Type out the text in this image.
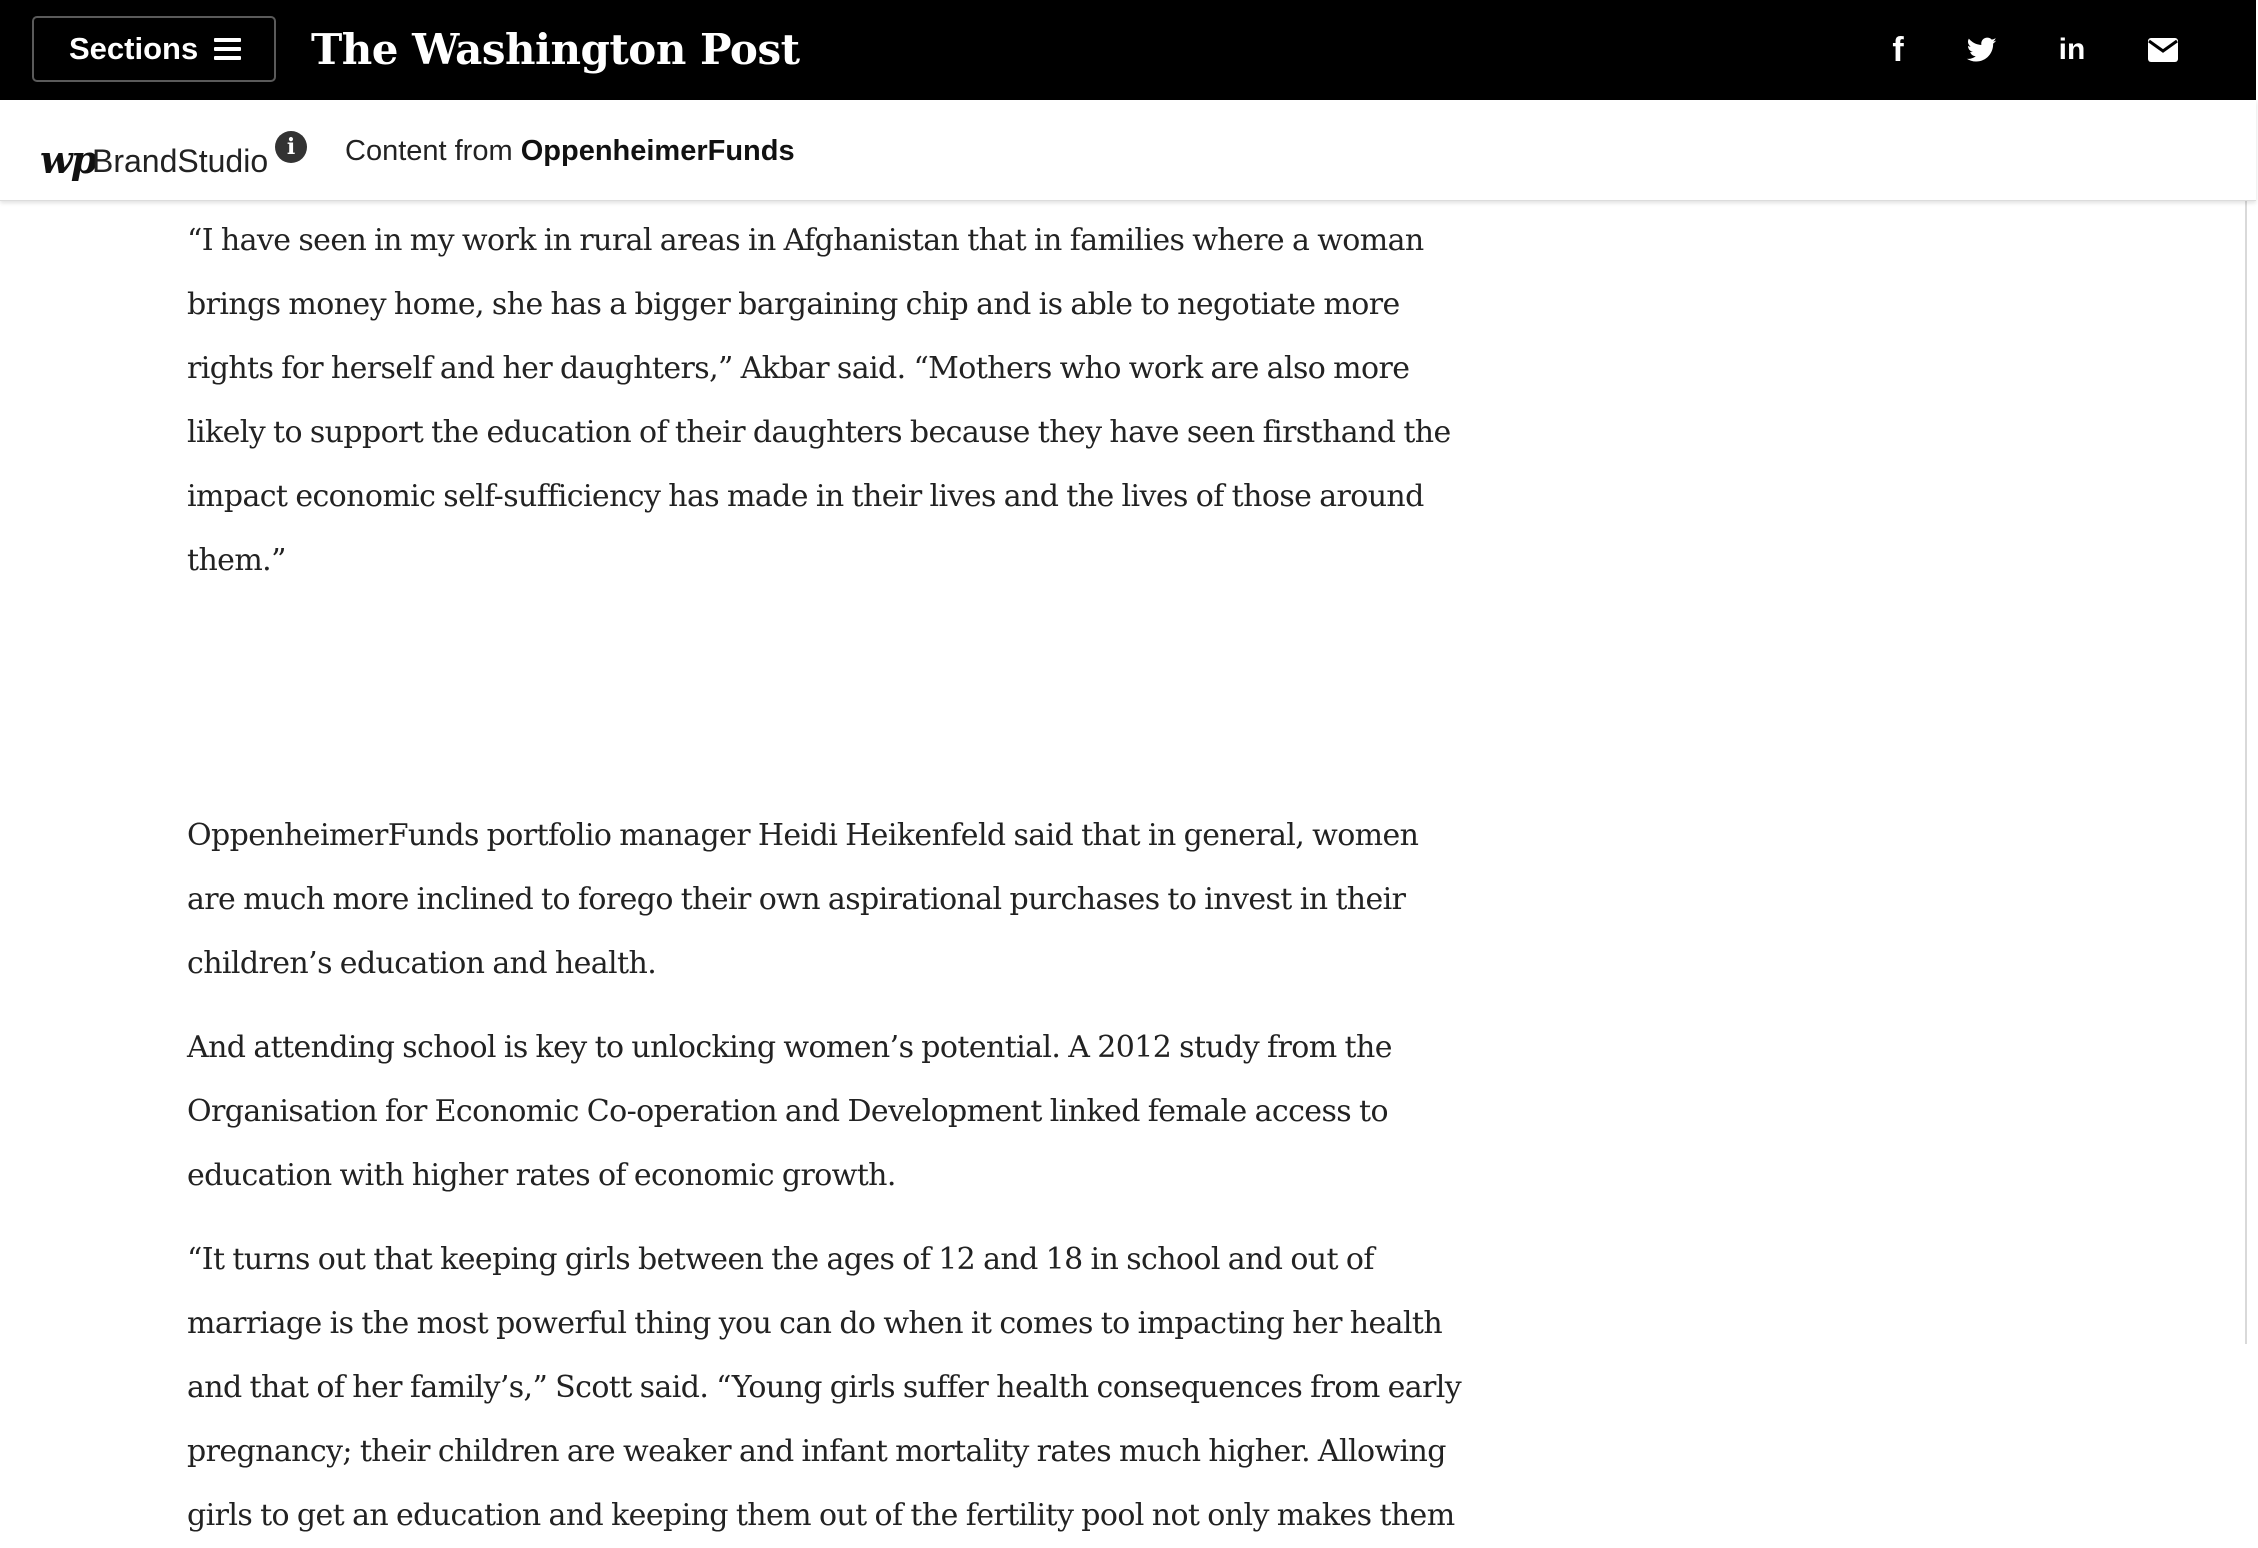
Sections	The Washington Post	f	in
wp
BrandStudio i	Content from OppenheimerFunds

“I have seen in my work in rural areas in Afghanistan that in families where a woman
brings money home, she has a bigger bargaining chip and is able to negotiate more
rights for herself and her daughters,” Akbar said. “Mothers who work are also more
likely to support the education of their daughters because they have seen firsthand the
impact economic self-sufficiency has made in their lives and the lives of those around
them.”

OppenheimerFunds portfolio manager Heidi Heikenfeld said that in general, women
are much more inclined to forego their own aspirational purchases to invest in their
children’s education and health.

And attending school is key to unlocking women’s potential. A 2012 study from the
Organisation for Economic Co-operation and Development linked female access to
education with higher rates of economic growth.

“It turns out that keeping girls between the ages of 12 and 18 in school and out of
marriage is the most powerful thing you can do when it comes to impacting her health
and that of her family’s,” Scott said. “Young girls suffer health consequences from early
pregnancy; their children are weaker and infant mortality rates much higher. Allowing
girls to get an education and keeping them out of the fertility pool not only makes them
